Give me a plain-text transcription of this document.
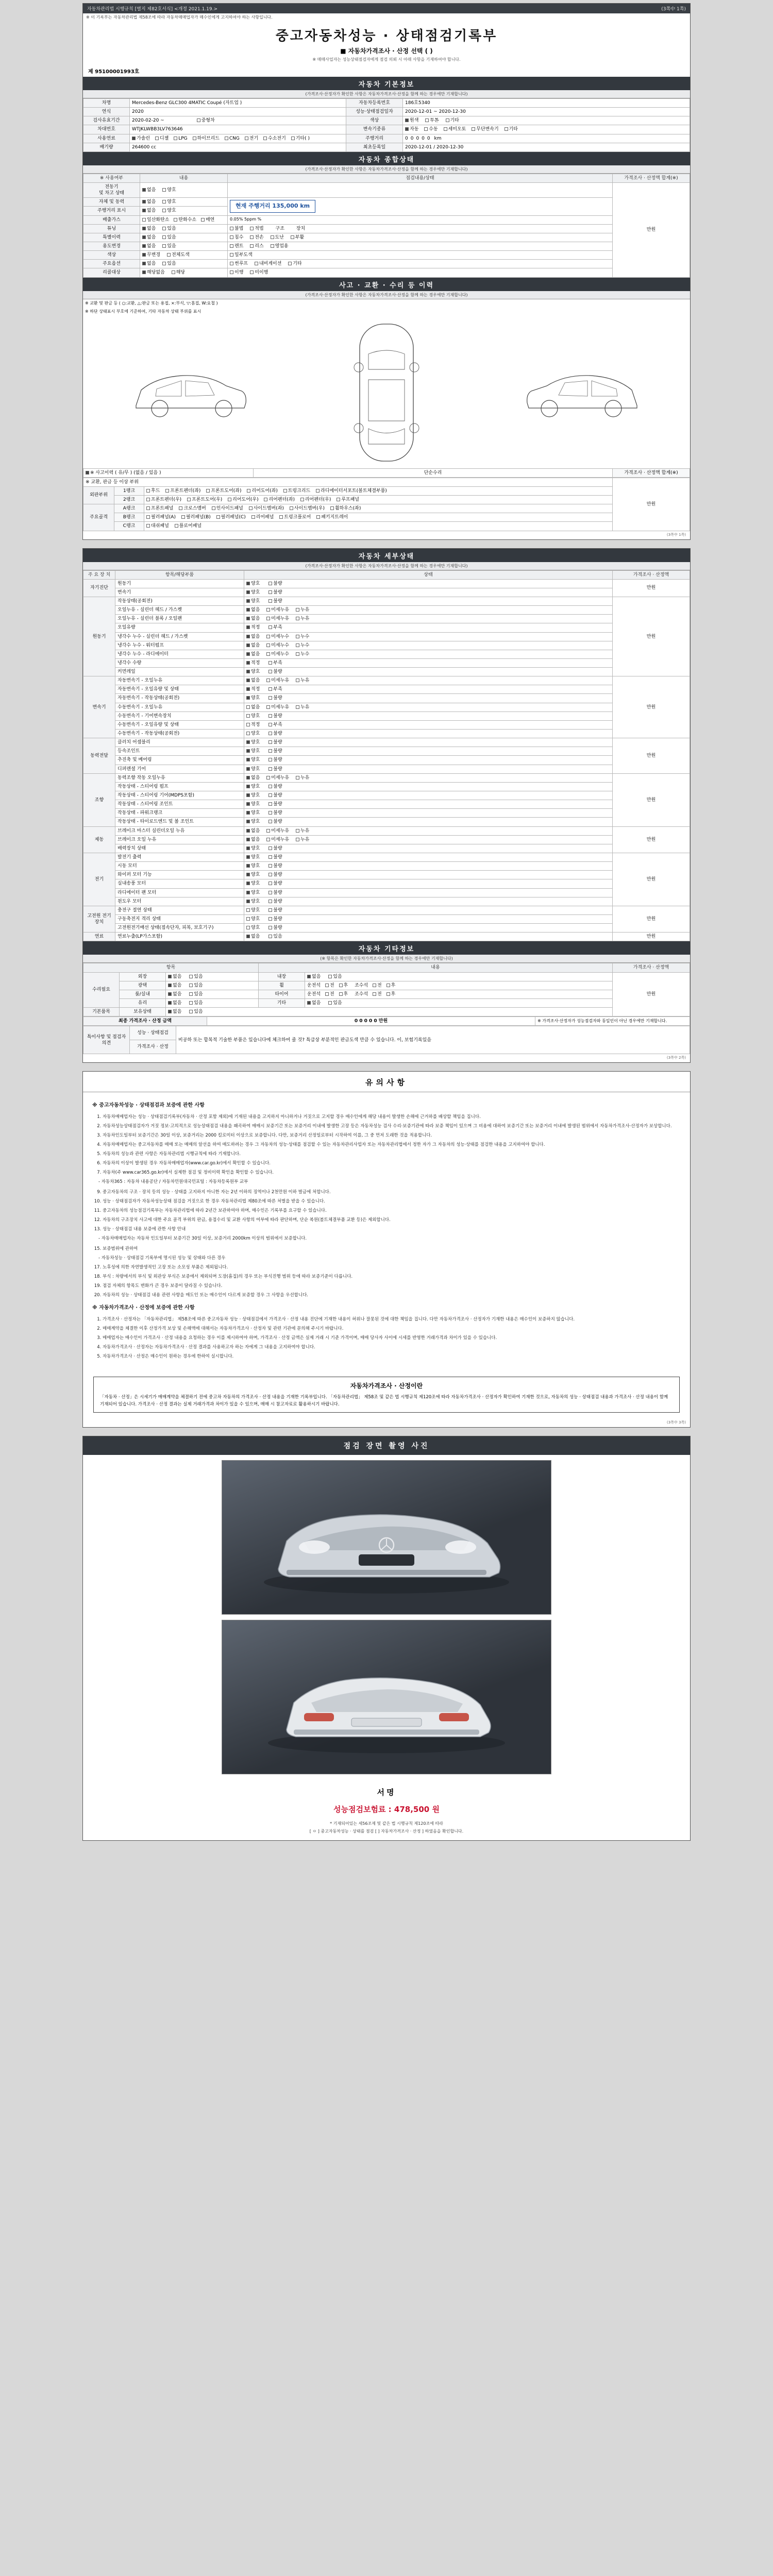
자동차관리법 시행규칙 [별지 제82호서식] <개정 2021.1.19.>	(3쪽中 1쪽)
※ 이 기록부는 자동차관리법 제58조에 따라 자동차매매업자가 매수인에게 고지하여야 하는 사항입니다.
중고자동차성능 · 상태점검기록부
■ 자동차가격조사 · 산정 선택 ( )
※ 매매사업자는 성능상태점검자에게 점검 의뢰 시 아래 사항을 기재하여야 합니다.
제 95100001993호
자동차 기본정보
(가격조사·산정자가 확인한 사항은 자동차가격조사·산정을 함께 하는 경우에만 기재합니다)
차명	Mercedes-Benz GLC300 4MATIC Coupé (자트업 )	자동차등록번호	186호5340
연식	2020	성능·상태점검일자	2020-12-01 ~ 2020-12-30
검사유효기간	2020-02-20 ~ 중형차	색상	원색 투톤 기타
차대번호	WTJKLWBB3LV763646	변속기종류	자동 수동 세미오토 무단변속기 기타
사용연료	가솔린 디젤 LPG 하이브리드 CNG 전기 수소전기 기타( )	주행거리	00000 km
배기량	264600 cc	최초등록일	2020-12-01 / 2020-12-30
자동차 종합상태
(가격조사·산정자가 확인한 사항은 자동차가격조사·산정을 함께 하는 경우에만 기재합니다)
※ 사용여부	내용	점검내용/상태	가격조사 · 산정액 합계(※)
전동기
및 차고 상태	없음 양호		만원
자체 및 동력	없음 양호	현재 주행거리 135,000 km	
주행거리 표시	없음 양호		
배출가스	일산화탄소 탄화수소 매연	0.05% 5ppm %	
튜닝	없음 있음	불법 적법 구조 장치	
특별이력	없음 있음	침수 전손 도난 부활	
용도변경	없음 있음	렌트 리스 영업용	
색상	무변경 전체도색	일부도색	
주요옵션	없음 있음	썬루프 내비게이션 기타	
리콜대상	해당없음 해당	이행 미이행	
사고 · 교환 · 수리 등 이력
(가격조사·산정자가 확인한 사항은 자동차가격조사·산정을 함께 하는 경우에만 기재합니다)
※ 교환 및 판금 등 ( ○:교환, △:판금 또는 용접, ×:부식, ▽:흠집, W:요철 )
※ 하단 상태표시 부호에 기준하여, 기타 자동차 상태 부위를 표시
※ 사고이력 ( 유/무 ) (없음 / 있음 )	단순수리	가격조사 · 산정액 합계(※)
※ 교환, 판금 등 이상 부위			만원
외판부위	1랭크	후드 프론트펜더(좌) 프론트도어(좌) 리어도어(좌) 트렁크리드 라디에이터서포트(볼트체결부품)	
	2랭크	프론트펜더(우) 프론트도어(우) 리어도어(우) 리어펜더(좌) 리어펜더(우) 루프패널	
주요골격	A랭크	프론트패널 크로스멤버 인사이드패널 사이드멤버(좌) 사이드멤버(우) 휠하우스(좌)	
	B랭크	필러패널(A) 필러패널(B) 필러패널(C) 리어패널 트렁크플로어 패키지트레이	
	C랭크	대쉬패널 플로어패널	
(3쪽中 1쪽)
자동차 세부상태
(가격조사·산정자가 확인한 사항은 자동차가격조사·산정을 함께 하는 경우에만 기재합니다)
주 요 장 치	항목/해당부품	상태	가격조사 · 산정액
자기진단	원동기	양호 불량	만원
	변속기	양호 불량	
원동기	작동상태(공회전)	양호 불량	만원
	오일누유 - 실린더 헤드 / 가스켓	없음 미세누유 누유	
	오일누유 - 실린더 블록 / 오일팬	없음 미세누유 누유	
	오일유량	적정 부족	
	냉각수 누수 - 실린더 헤드 / 가스켓	없음 미세누수 누수	
	냉각수 누수 - 워터펌프	없음 미세누수 누수	
	냉각수 누수 - 라디에이터	없음 미세누수 누수	
	냉각수 수량	적정 부족	
	커먼레일	양호 불량	
변속기	자동변속기 - 오일누유	없음 미세누유 누유	만원
	자동변속기 - 오일유량 및 상태	적정 부족	
	자동변속기 - 작동상태(공회전)	양호 불량	
	수동변속기 - 오일누유	없음 미세누유 누유	
	수동변속기 - 기어변속장치	양호 불량	
	수동변속기 - 오일유량 및 상태	적정 부족	
	수동변속기 - 작동상태(공회전)	양호 불량	
동력전달	클러치 어셈블리	양호 불량	만원
	등속조인트	양호 불량	
	추진축 및 베어링	양호 불량	
	디퍼렌셜 기어	양호 불량	
조향	동력조향 작동 오일누유	없음 미세누유 누유	만원
	작동상태 - 스티어링 펌프	양호 불량	
	작동상태 - 스티어링 기어(MDPS포함)	양호 불량	
	작동상태 - 스티어링 조인트	양호 불량	
	작동상태 - 파워크랭크	양호 불량	
	작동상태 - 타이로드엔드 및 볼 조인트	양호 불량	
제동	브레이크 마스터 실린더오일 누유	없음 미세누유 누유	만원
	브레이크 오일 누유	없음 미세누유 누유	
	배력장치 상태	양호 불량	
전기	발전기 출력	양호 불량	만원
	시동 모터	양호 불량	
	와이퍼 모터 기능	양호 불량	
	실내송풍 모터	양호 불량	
	라디에이터 팬 모터	양호 불량	
	윈도우 모터	양호 불량	
고전원 전기장치	충전구 절연 상태	양호 불량	만원
	구동축전지 격리 상태	양호 불량	
	고전원전기배선 상태(접속단자, 피복, 보호기구)	양호 불량	
연료	연료누출(LP가스포함)	없음 있음	만원
자동차 기타정보
(※ 항목은 확인한 자동차가격조사·산정을 함께 하는 경우에만 기재합니다)
항목			내용		가격조사 · 산정액
수리필요	외장	없음 있음	내장	없음 있음	만원
	광택	없음 있음	휠	운전석 전 후 조수석 전 후	
	룸/실내	없음 있음	타이어	운전석 전 후 조수석 전 후	
	유리	없음 있음	기타	없음 있음	
기본품목	보유상태	없음 있음			
최종 가격조사 · 산정 금액	0 0 0 0 0 만원	※ 가격조사·산정자가 성능점검자와 동일인이 아닌 경우에만 기재합니다.
특이사항 및 점검자 의견	성능 · 상태점검	비공하 또는 합복적 기술한 부품은 있습니다에 체크하여 줄 것? 특급상 부분적인 판금도색 만큼 수 있습니다. 이, 보험기록있음
가격조사 · 산정
(3쪽中 2쪽)
유의사항
※ 중고자동차성능 · 상태점검과 보증에 관한 사항
1. 자동차매매업자는 성능 · 상태점검기록부(자동차 · 산정 포함 제외)에 기재된 내용을 고지하지 아니하거나 거짓으로 고지할 경우 매수인에게 해당 내용이 발생한 손해에 근거하를 배상할 책임을 집니다.
2. 자동차성능상태점검자가 거짓 정보·고의적으로 성능상태점검 내용을 왜곡하여 매매시 보증기간 또는 보증거리 이내에 발생한 고장 등은 자동차성능 검사 수리·보증기관에 따라 보증 책임이 있으며 그 비용에 대하여 보증기간 또는 보증거리 이내에 발생된 범위에서 자동차가격조사·산정자가 보상합니다.
3. 자동차인도일부터 보증기간은 30일 이상, 보증거리는 2000 킬로미터 이상으로 보증합니다. 다만, 보증거리 산정일로부터 시작하여 이를, 그 중 먼저 도래한 것을 적용합니다.
4. 자동차매매업자는 중고자동차를 매매 또는 매매의 알선을 하여 매도하려는 경우 그 자동차의 성능·상태를 점검할 수 있는 자동차관리사업자 또는 자동차관리법에서 정한 자가 그 자동차의 성능·상태를 점검한 내용을 고지하여야 합니다.
5. 자동차의 성능과 관련 사항은 자동차관리법 시행규칙에 따라 기재합니다.
6. 자동차의 이상이 발생된 경우 자동차매매업자(www.car.go.kr)에서 확인할 수 있습니다.
7. 자동차(주 www.car365.go.kr)에서 실제한 점검 및 정비이력 확인을 확인할 수 있습니다.
- 자동차365 : 자동차 내용공단 / 자동차민원대국민포털 : 자동차등록원부 교부
9. 중고자동차의 구조 · 장치 등의 성능 · 상태를 고지하지 아니한 자는 2년 이하의 징역이나 2천만원 이하 벌금에 처합니다.
10. 성능 · 상태점검자가 자동차성능상태 점검을 거짓으로 한 경우 자동차관리법 제80조에 따른 처벌을 받을 수 있습니다.
11. 중고자동차의 성능점검기록부는 자동차관리법에 따라 2년간 보관하여야 하며, 매수인은 기록부를 요구할 수 있습니다.
12. 자동차의 구조장치 사고에 대한 주요 골격 부위의 판금, 용접수리 및 교환 사항의 여부에 따라 판단하며, 단순 복원(볼트체결부품 교환 등)은 제외합니다.
13. 성능 · 상태점검 내용 보증에 관한 사항 안내
- 자동차매매업자는 자동차 인도일부터 보증기간 30일 이상, 보증거리 2000km 이상의 범위에서 보증합니다.
15. 보증범위에 관하여
- 자동차성능 · 상태점검 기록부에 명시된 성능 및 상태와 다른 경우
17. 노후성에 의한 자연발생적인 고장 또는 소모성 부품은 제외됩니다.
18. 부식 : 차량에서의 부식 및 외관상 부식은 보증에서 제외되며 도장(흠집)의 경우 또는 부식진행 범위 등에 따라 보증기준이 다릅니다.
19. 점검 자체의 항목도 변화가 큰 경우 보증이 달라질 수 있습니다.
20. 자동차의 성능 · 상태점검 내용 관련 사항을 매도인 또는 매수인이 다르게 보증할 경우 그 사항을 우선합니다.
※ 자동차가격조사 · 산정에 보증에 관한 사항
1. 가격조사 · 산정자는 「자동차관리법」 제58조에 따른 중고자동차 성능 · 상태점검에서 가격조사 · 산정 내용 진단에 기재한 내용이 허위나 잘못된 것에 대한 책임을 집니다. 다만 자동차가격조사 · 산정자가 기재한 내용은 매수인이 보증하지 않습니다.
2. 매매계약을 체결한 이후 산정가격 보상 및 손해액에 대해서는 자동차가격조사 · 산정자 및 관련 기관에 문의해 주시기 바랍니다.
3. 매매업자는 매수인이 가격조사 · 산정 내용을 요청하는 경우 이를 제시하여야 하며, 가격조사 · 산정 금액은 실제 거래 시 기준 가격이며, 매매 당사자 사이에 시세를 반영한 거래가격과 차이가 있을 수 있습니다.
4. 자동차가격조사 · 산정자는 자동차가격조사 · 산정 결과를 사용하고자 하는 자에게 그 내용을 고지하여야 합니다.
5. 자동차가격조사 · 산정은 매수인이 원하는 경우에 한하여 실시합니다.
자동차가격조사 · 산정이란
「자동차 · 산정」은 시세기가 매매계약을 체결하기 전에 중고차 자동차의 가격조사 · 산정 내용을 기재한 기록부입니다. 「자동차관리법」 제58조 및 같은 법 시행규칙 제120조에 따라 자동차가격조사 · 산정자가 확인하여 기재한 것으로, 자동차의 성능 · 상태점검 내용과 가격조사 · 산정 내용이 함께 기재되어 있습니다. 가격조사 · 산정 결과는 실제 거래가격과 차이가 있을 수 있으며, 매매 시 참고자료로 활용하시기 바랍니다.
(3쪽中 3쪽)
점검 장면 촬영 사진
서명
성능점검보험료 : 478,500 원
* 기재되어있는 세56조제 및 같은 법 시행규칙 제120조에 따라
[ ㅇ ] 중고자동차성능 · 상태를 점검 [ ] 자동차가격조사 · 산정 ] 하였음을 확인합니다.
